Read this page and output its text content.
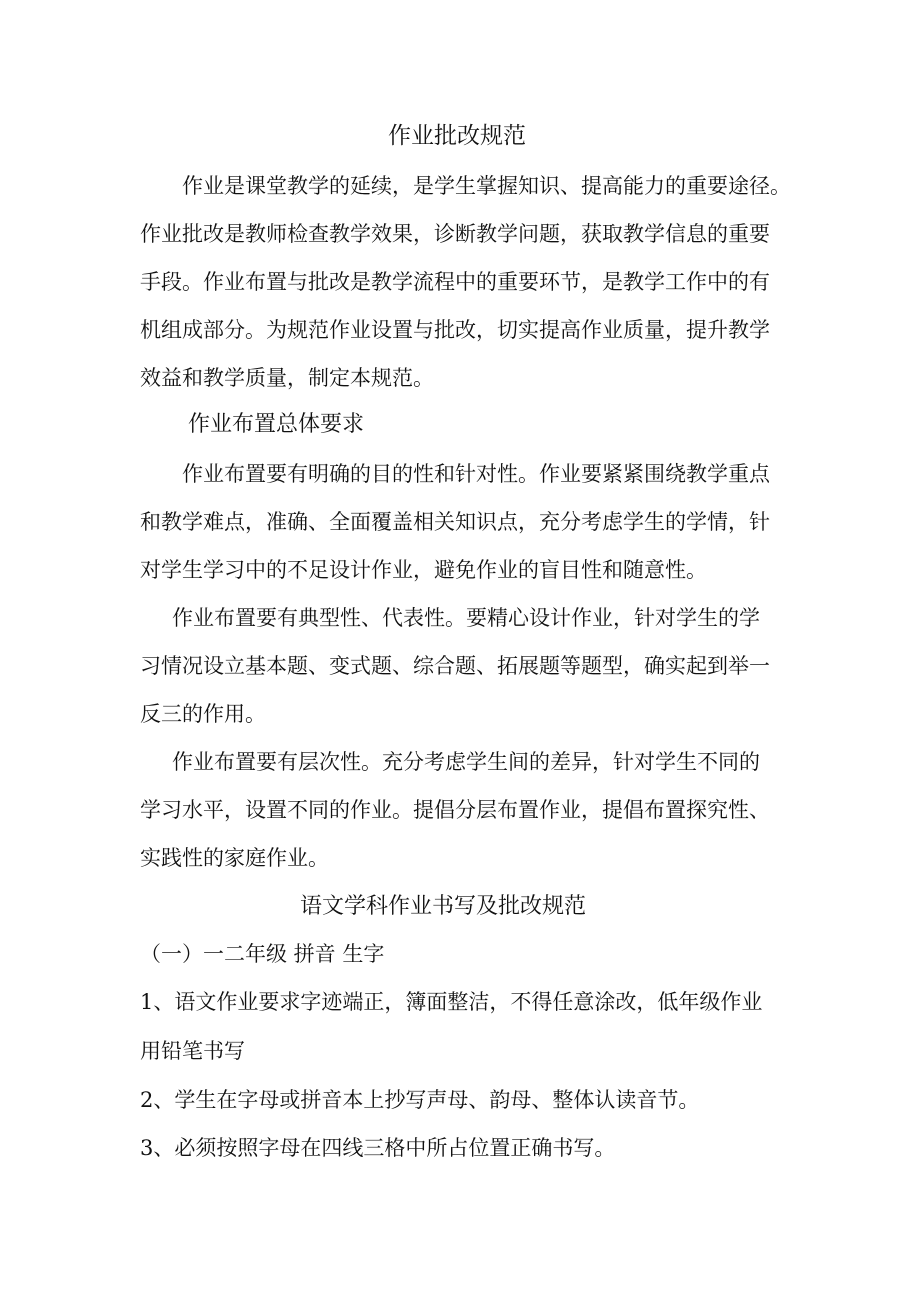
作业批改规范
作业是课堂教学的延续，是学生掌握知识、提高能力的重要途径。
作业批改是教师检查教学效果，诊断教学问题，获取教学信息的重要
手段。作业布置与批改是教学流程中的重要环节，是教学工作中的有
机组成部分。为规范作业设置与批改，切实提高作业质量，提升教学
效益和教学质量，制定本规范。
作业布置总体要求
作业布置要有明确的目的性和针对性。作业要紧紧围绕教学重点
和教学难点，准确、全面覆盖相关知识点，充分考虑学生的学情，针
对学生学习中的不足设计作业，避免作业的盲目性和随意性。
作业布置要有典型性、代表性。要精心设计作业，针对学生的学
习情况设立基本题、变式题、综合题、拓展题等题型，确实起到举一
反三的作用。
作业布置要有层次性。充分考虑学生间的差异，针对学生不同的
学习水平，设置不同的作业。提倡分层布置作业，提倡布置探究性、
实践性的家庭作业。
语文学科作业书写及批改规范
（一）一二年级 拼音 生字
1、语文作业要求字迹端正，簿面整洁，不得任意涂改，低年级作业
用铅笔书写
2、学生在字母或拼音本上抄写声母、韵母、整体认读音节。
3、必须按照字母在四线三格中所占位置正确书写。
